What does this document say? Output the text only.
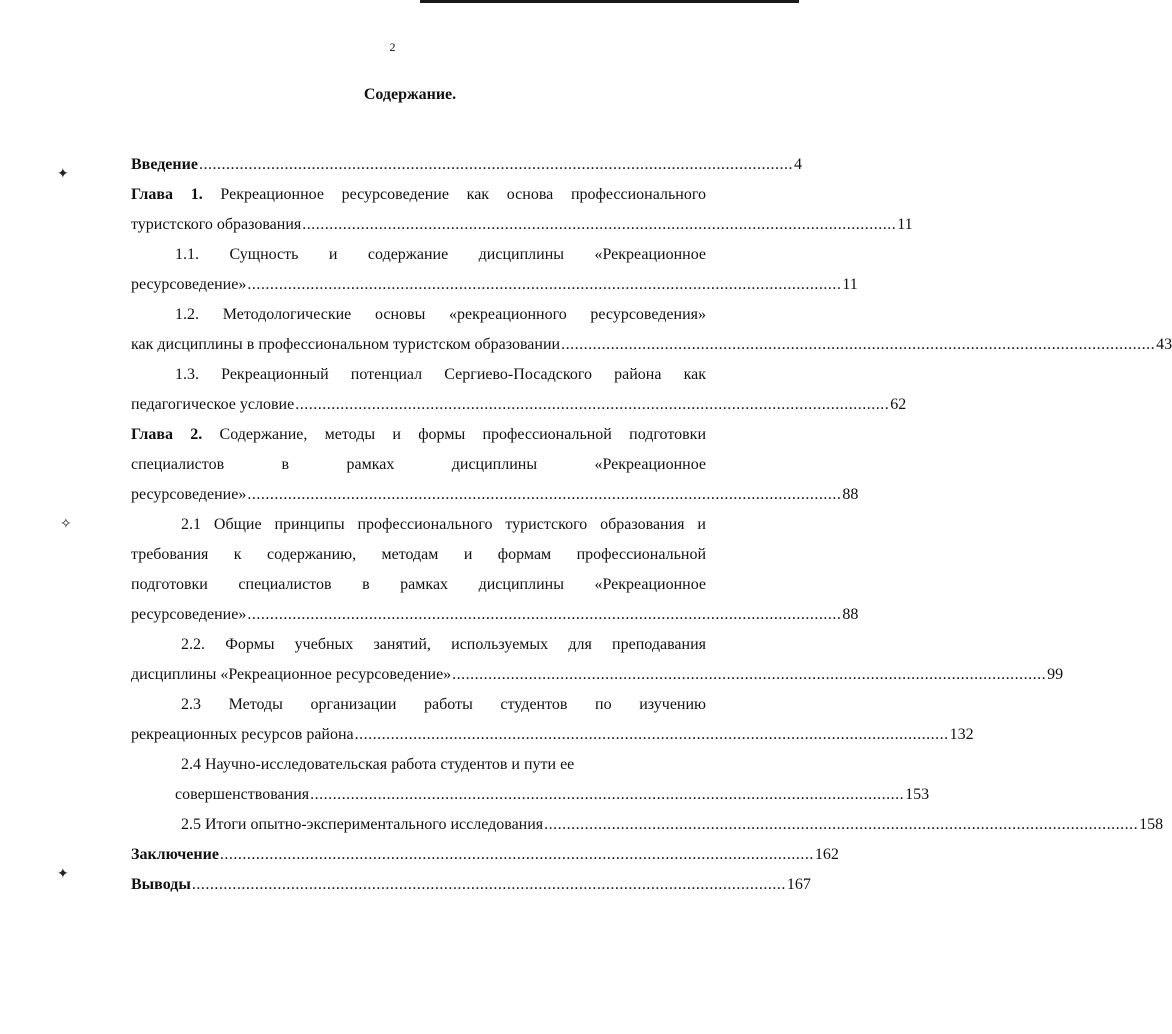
2
Содержание.
✦
✧
✦
Введение .................................................................................................................................... 4
Глава 1. Рекреационное ресурсоведение как основа профессионального
туристского образования .................................................................................................................................... 11
1.1. Сущность и содержание дисциплины «Рекреационное
ресурсоведение» .................................................................................................................................... 11
1.2. Методологические основы «рекреационного ресурсоведения»
как дисциплины в профессиональном туристском образовании .................................................................................................................................... 43
1.3. Рекреационный потенциал Сергиево-Посадского района как
педагогическое условие .................................................................................................................................... 62
Глава 2. Содержание, методы и формы профессиональной подготовки
специалистов в рамках дисциплины «Рекреационное
ресурсоведение» .................................................................................................................................... 88
2.1 Общие принципы профессионального туристского образования и
требования к содержанию, методам и формам профессиональной
подготовки специалистов в рамках дисциплины «Рекреационное
ресурсоведение» .................................................................................................................................... 88
2.2. Формы учебных занятий, используемых для преподавания
дисциплины «Рекреационное ресурсоведение» .................................................................................................................................... 99
2.3 Методы организации работы студентов по изучению
рекреационных ресурсов района .................................................................................................................................... 132
2.4 Научно-исследовательская работа студентов и пути ее
совершенствования .................................................................................................................................... 153
2.5 Итоги опытно-экспериментального исследования .................................................................................................................................... 158
Заключение .................................................................................................................................... 162
Выводы .................................................................................................................................... 167
